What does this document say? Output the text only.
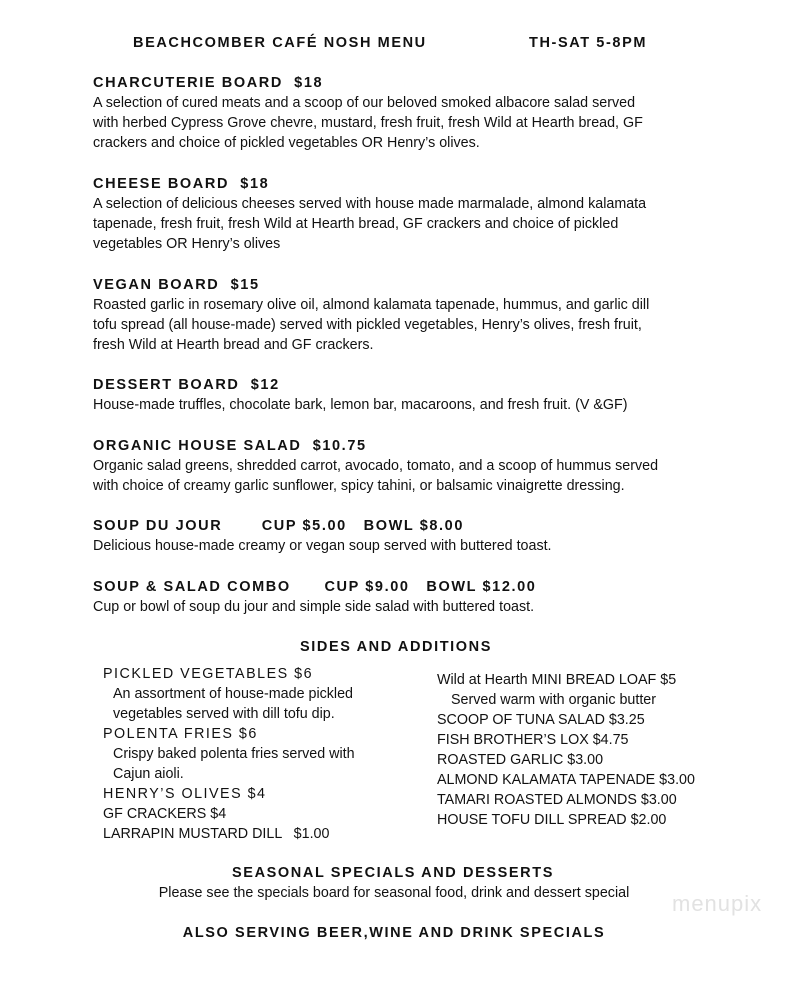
BEACHCOMBER CAFÉ NOSH MENU	TH-SAT 5-8PM
CHARCUTERIE BOARD  $18

A selection of cured meats and a scoop of our beloved smoked albacore salad served

with herbed Cypress Grove chevre, mustard, fresh fruit, fresh Wild at Hearth bread, GF

crackers and choice of pickled vegetables OR Henry’s olives.

CHEESE BOARD  $18

A selection of delicious cheeses served with house made marmalade, almond kalamata

tapenade, fresh fruit, fresh Wild at Hearth bread, GF crackers and choice of pickled

vegetables OR Henry’s olives

VEGAN BOARD  $15

Roasted garlic in rosemary olive oil, almond kalamata tapenade, hummus, and garlic dill

tofu spread (all house-made) served with pickled vegetables, Henry’s olives, fresh fruit,

fresh Wild at Hearth bread and GF crackers.

DESSERT BOARD  $12

House-made truffles, chocolate bark, lemon bar, macaroons, and fresh fruit. (V &GF)

ORGANIC HOUSE SALAD  $10.75

Organic salad greens, shredded carrot, avocado, tomato, and a scoop of hummus served

with choice of creamy garlic sunflower, spicy tahini, or balsamic vinaigrette dressing.

SOUP DU JOUR       CUP $5.00   BOWL $8.00

Delicious house-made creamy or vegan soup served with buttered toast.

SOUP & SALAD COMBO      CUP $9.00   BOWL $12.00

Cup or bowl of soup du jour and simple side salad with buttered toast.

SIDES AND ADDITIONS
PICKLED VEGETABLES $6
An assortment of house-made pickled
vegetables served with dill tofu dip.
POLENTA FRIES $6
Crispy baked polenta fries served with
Cajun aioli.
HENRY’S OLIVES $4
GF CRACKERS $4
LARRAPIN MUSTARD DILL   $1.00
Wild at Hearth MINI BREAD LOAF $5
Served warm with organic butter
SCOOP OF TUNA SALAD $3.25
FISH BROTHER’S LOX $4.75
ROASTED GARLIC $3.00
ALMOND KALAMATA TAPENADE $3.00
TAMARI ROASTED ALMONDS $3.00
HOUSE TOFU DILL SPREAD $2.00
SEASONAL SPECIALS AND DESSERTS
Please see the specials board for seasonal food, drink and dessert special	menupix
ALSO SERVING BEER,WINE AND DRINK SPECIALS
